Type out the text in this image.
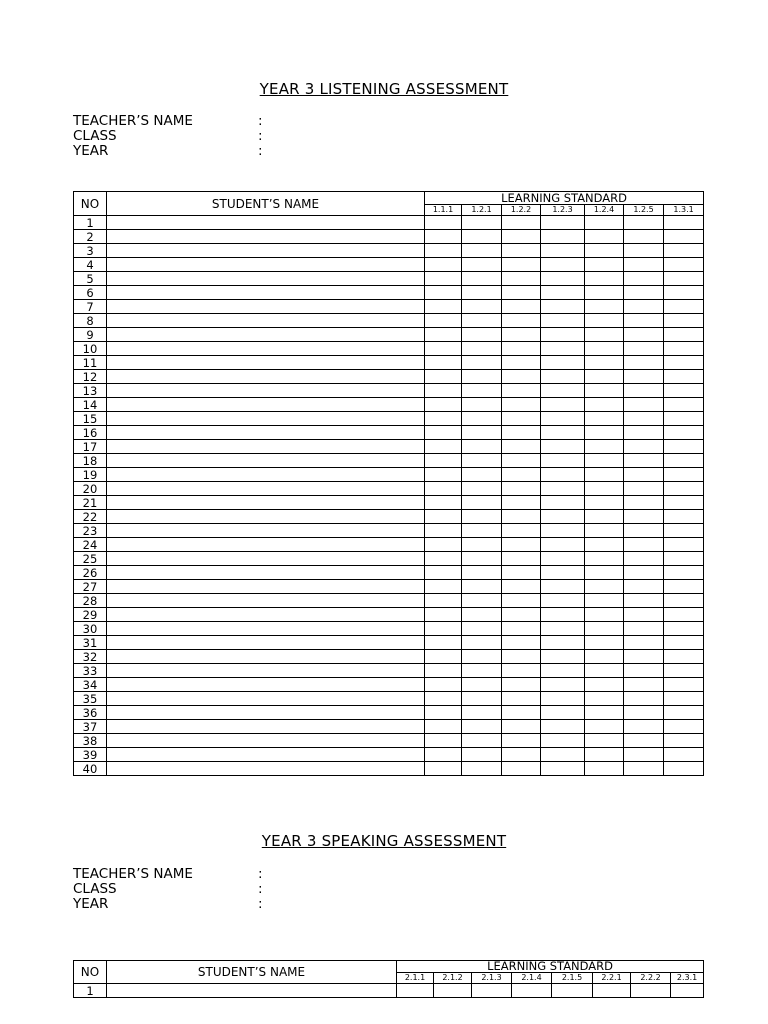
YEAR 3 LISTENING ASSESSMENT
TEACHER’S NAME	:
CLASS	:
YEAR	:
NO	STUDENT’S NAME	LEARNING STANDARD						
		1.1.1	1.2.1	1.2.2	1.2.3	1.2.4	1.2.5	1.3.1
1								
2								
3								
4								
5								
6								
7								
8								
9								
10								
11								
12								
13								
14								
15								
16								
17								
18								
19								
20								
21								
22								
23								
24								
25								
26								
27								
28								
29								
30								
31								
32								
33								
34								
35								
36								
37								
38								
39								
40								
YEAR 3 SPEAKING ASSESSMENT
TEACHER’S NAME	:
CLASS	:
YEAR	:
NO	STUDENT’S NAME	LEARNING STANDARD							
		2.1.1	2.1.2	2.1.3	2.1.4	2.1.5	2.2.1	2.2.2	2.3.1
1									
